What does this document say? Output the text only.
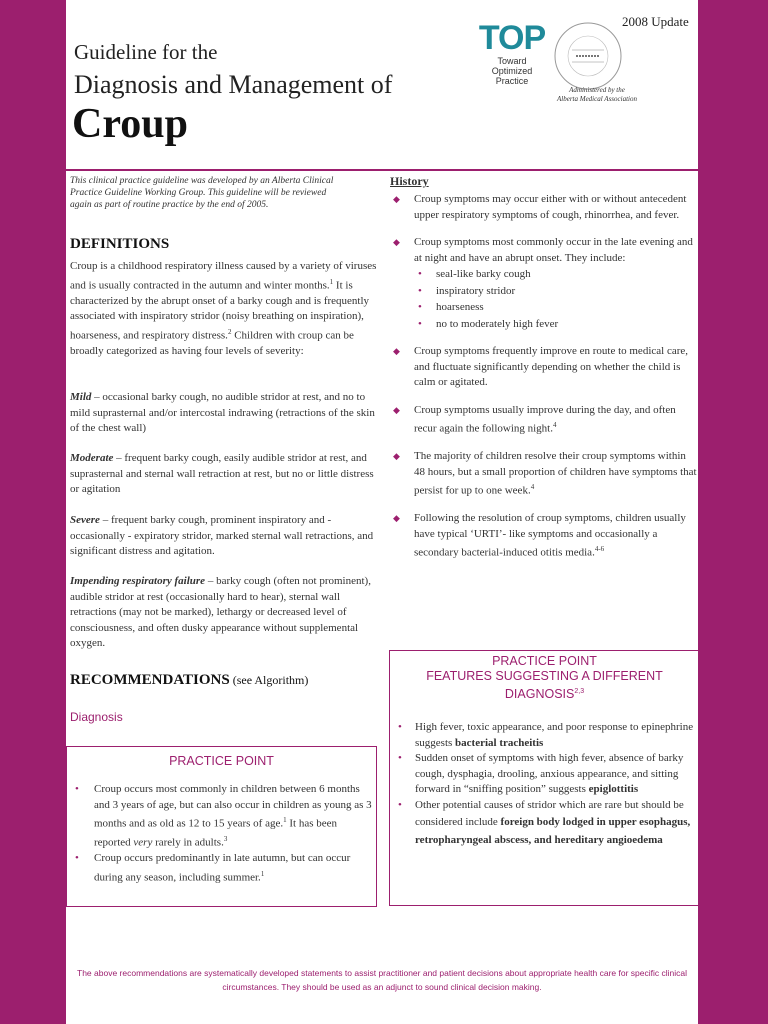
2008 Update
Guideline for the
Diagnosis and Management of
Croup
TOP
Toward
Optimized
Practice
Administered by the
Alberta Medical Association
This clinical practice guideline was developed by an Alberta Clinical Practice Guideline Working Group. This guideline will be reviewed again as part of routine practice by the end of 2005.
DEFINITIONS
Croup is a childhood respiratory illness caused by a variety of viruses and is usually contracted in the autumn and winter months.$^1$ It is characterized by the abrupt onset of a barky cough and is frequently associated with inspiratory stridor (noisy breathing on inspiration), hoarseness, and respiratory distress.$^2$ Children with croup can be broadly categorized as having four levels of severity:
Mild – occasional barky cough, no audible stridor at rest, and no to mild suprasternal and/or intercostal indrawing (retractions of the skin of the chest wall)
Moderate – frequent barky cough, easily audible stridor at rest, and suprasternal and sternal wall retraction at rest, but no or little distress or agitation
Severe – frequent barky cough, prominent inspiratory and - occasionally - expiratory stridor, marked sternal wall retractions, and significant distress and agitation.
Impending respiratory failure – barky cough (often not prominent), audible stridor at rest (occasionally hard to hear), sternal wall retractions (may not be marked), lethargy or decreased level of consciousness, and often dusky appearance without supplemental oxygen.
RECOMMENDATIONS (see Algorithm)
Diagnosis
PRACTICE POINT
• Croup occurs most commonly in children between 6 months and 3 years of age, but can also occur in children as young as 3 months and as old as 12 to 15 years of age.$^1$ It has been reported very rarely in adults.$^3$
• Croup occurs predominantly in late autumn, but can occur during any season, including summer.$^1$
History
◆ Croup symptoms may occur either with or without antecedent upper respiratory symptoms of cough, rhinorrhea, and fever.
◆ Croup symptoms most commonly occur in the late evening and at night and have an abrupt onset. They include:
• seal-like barky cough
• inspiratory stridor
• hoarseness
• no to moderately high fever
◆ Croup symptoms frequently improve en route to medical care, and fluctuate significantly depending on whether the child is calm or agitated.
◆ Croup symptoms usually improve during the day, and often recur again the following night.$^4$
◆ The majority of children resolve their croup symptoms within 48 hours, but a small proportion of children have symptoms that persist for up to one week.$^4$
◆ Following the resolution of croup symptoms, children usually have typical ‘URTI’- like symptoms and occasionally a secondary bacterial-induced otitis media.$^{4-6}$
PRACTICE POINT
FEATURES SUGGESTING A DIFFERENT
DIAGNOSIS$^{2,3}$
• High fever, toxic appearance, and poor response to epinephrine suggests bacterial tracheitis
• Sudden onset of symptoms with high fever, absence of barky cough, dysphagia, drooling, anxious appearance, and sitting forward in “sniffing position” suggests epiglottitis
• Other potential causes of stridor which are rare but should be considered include foreign body lodged in upper esophagus, retropharyngeal abscess, and hereditary angioedema
The above recommendations are systematically developed statements to assist practitioner and patient decisions about appropriate health care for specific clinical circumstances. They should be used as an adjunct to sound clinical decision making.
